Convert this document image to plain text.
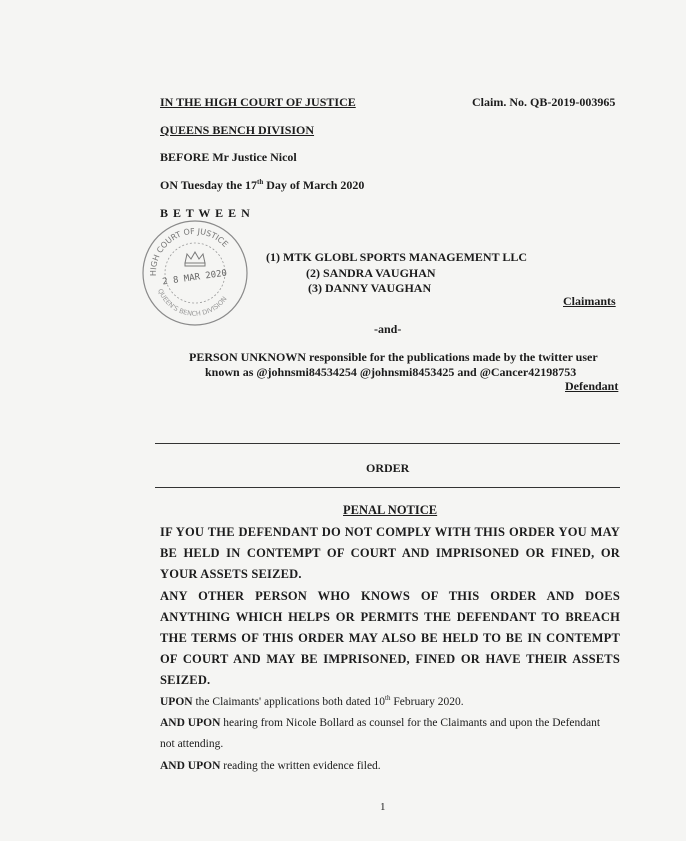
IN THE HIGH COURT OF JUSTICE	Claim. No. QB-2019-003965
QUEENS BENCH DIVISION
BEFORE Mr Justice Nicol
ON Tuesday the 17th Day of March 2020
B E T W E E N
HIGH COURT OF JUSTICE
QUEEN'S BENCH DIVISION
2 8 MAR 2020
(1) MTK GLOBL SPORTS MANAGEMENT LLC
(2) SANDRA VAUGHAN
(3) DANNY VAUGHAN
Claimants
-and-
PERSON UNKNOWN responsible for the publications made by the twitter user
known as @johnsmi84534254 @johnsmi8453425 and @Cancer42198753
Defendant
ORDER
PENAL NOTICE
IF YOU THE DEFENDANT DO NOT COMPLY WITH THIS ORDER YOU MAY BE HELD IN CONTEMPT OF COURT AND IMPRISONED OR FINED, OR YOUR ASSETS SEIZED.
ANY OTHER PERSON WHO KNOWS OF THIS ORDER AND DOES ANYTHING WHICH HELPS OR PERMITS THE DEFENDANT TO BREACH THE TERMS OF THIS ORDER MAY ALSO BE HELD TO BE IN CONTEMPT OF COURT AND MAY BE IMPRISONED, FINED OR HAVE THEIR ASSETS SEIZED.
UPON the Claimants' applications both dated 10th February 2020.
AND UPON hearing from Nicole Bollard as counsel for the Claimants and upon the Defendant
not attending.
AND UPON reading the written evidence filed.
1
